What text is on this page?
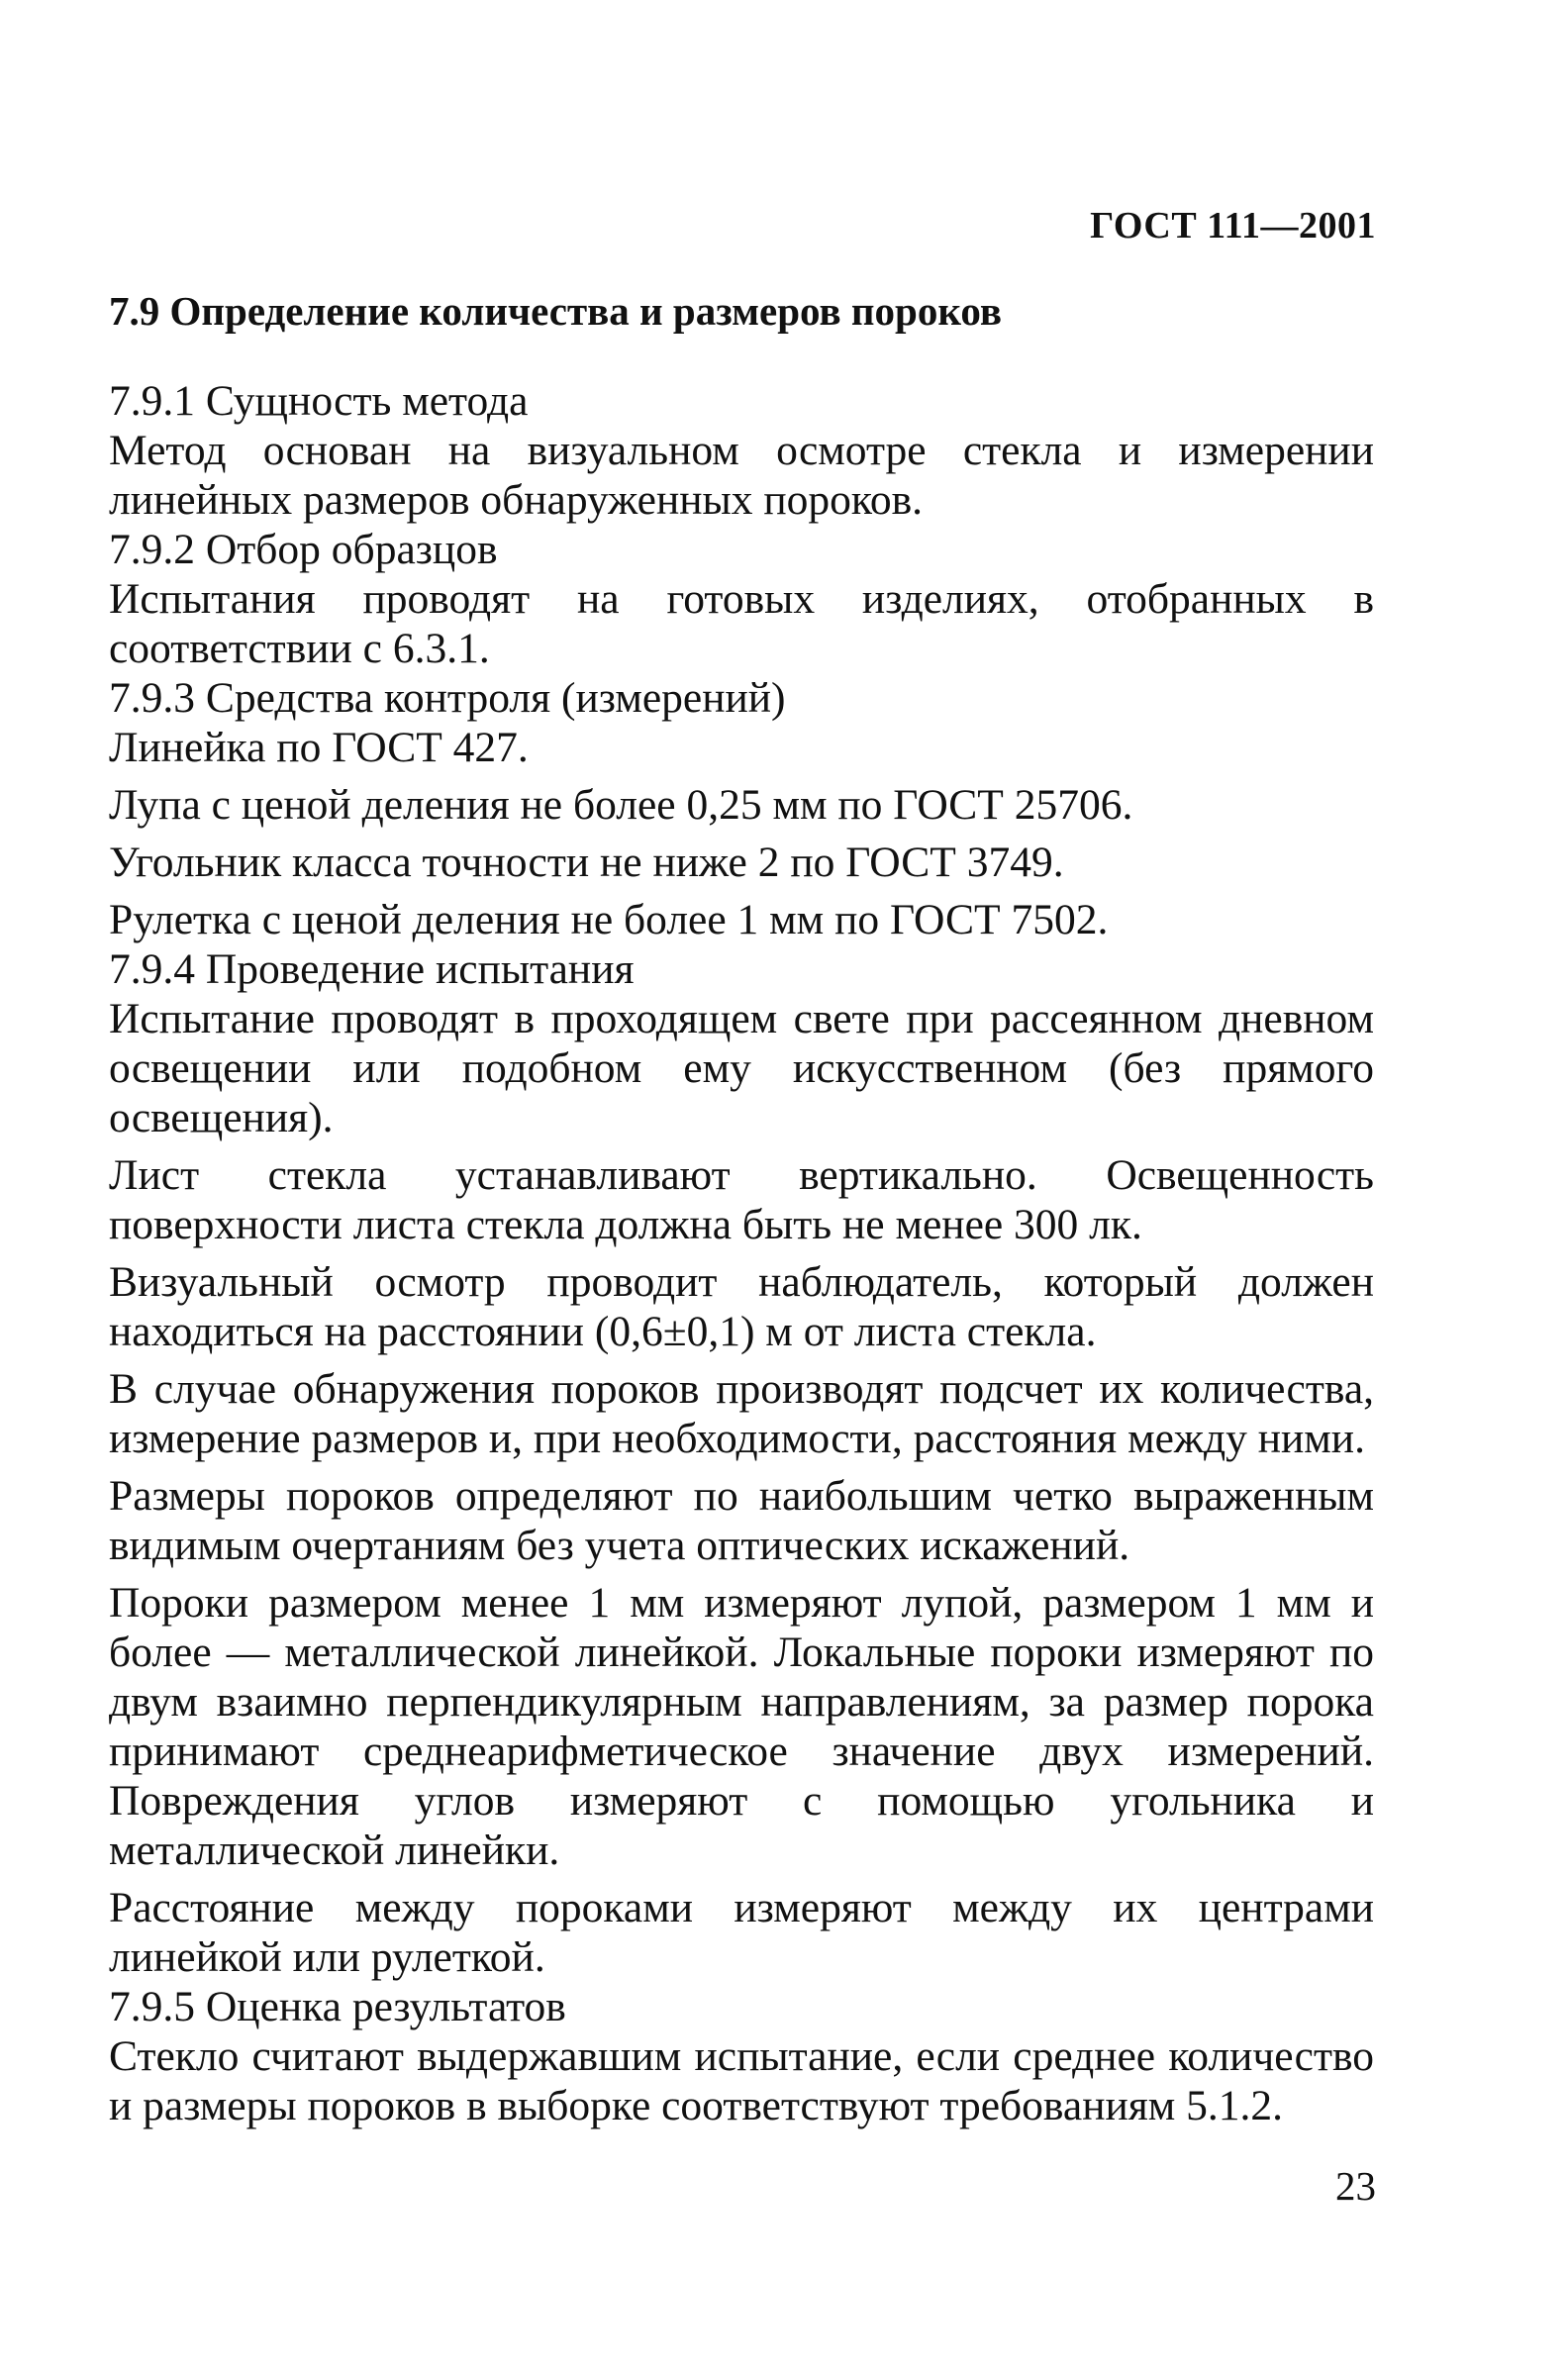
ГОСТ 111—2001
7.9 Определение количества и размеров пороков

7.9.1 Сущность метода

Метод основан на визуальном осмотре стекла и измерении линейных размеров обнаруженных пороков.

7.9.2 Отбор образцов

Испытания проводят на готовых изделиях, отобранных в соответствии с 6.3.1.

7.9.3 Средства контроля (измерений)

Линейка по ГОСТ 427.

Лупа с ценой деления не более 0,25 мм по ГОСТ 25706.

Угольник класса точности не ниже 2 по ГОСТ 3749.

Рулетка с ценой деления не более 1 мм по ГОСТ 7502.

7.9.4 Проведение испытания

Испытание проводят в проходящем свете при рассеянном дневном освещении или подобном ему искусственном (без прямого освещения).

Лист стекла устанавливают вертикально. Освещенность поверхности листа стекла должна быть не менее 300 лк.

Визуальный осмотр проводит наблюдатель, который должен находиться на расстоянии (0,6±0,1) м от листа стекла.

В случае обнаружения пороков производят подсчет их количества, измерение размеров и, при необходимости, расстояния между ними.

Размеры пороков определяют по наибольшим четко выраженным видимым очертаниям без учета оптических искажений.

Пороки размером менее 1 мм измеряют лупой, размером 1 мм и более — металлической линейкой. Локальные пороки измеряют по двум взаимно перпендикулярным направлениям, за размер порока принимают среднеарифметическое значение двух измерений. Повреждения углов измеряют с помощью угольника и металлической линейки.

Расстояние между пороками измеряют между их центрами линейкой или рулеткой.

7.9.5 Оценка результатов

Стекло считают выдержавшим испытание, если среднее количество и размеры пороков в выборке соответствуют требованиям 5.1.2.

23
